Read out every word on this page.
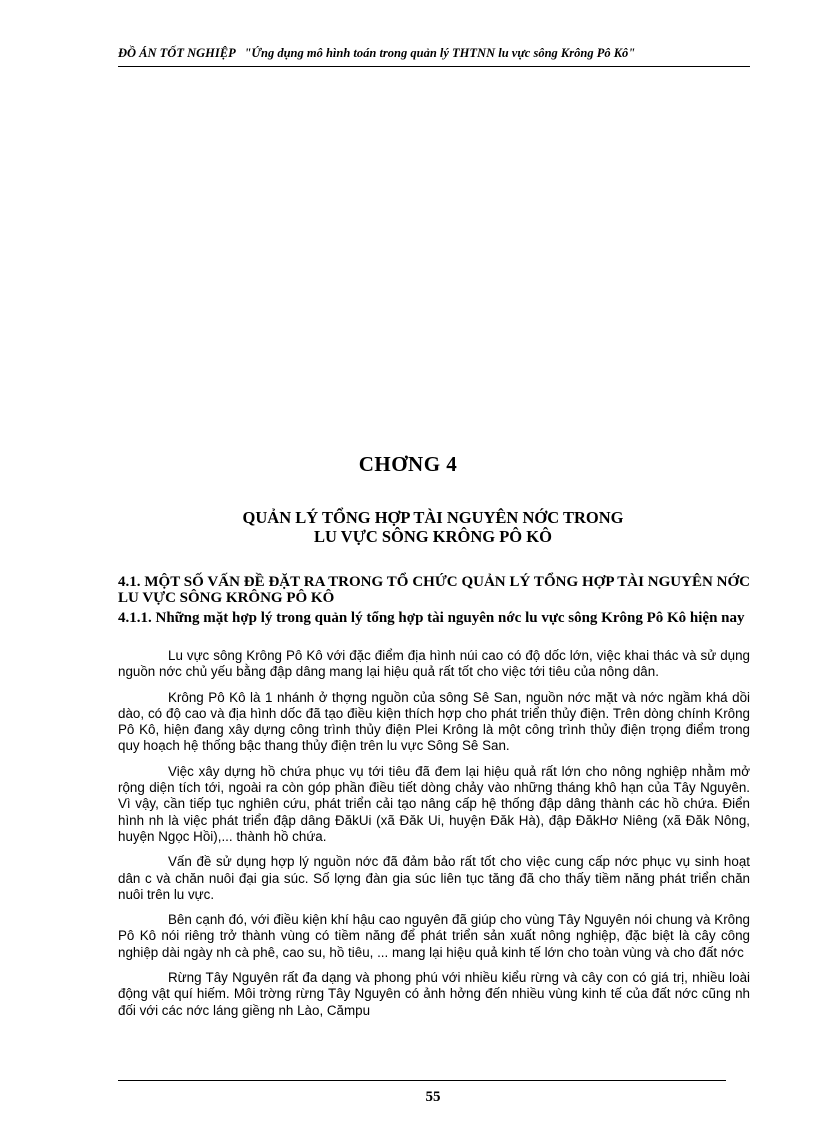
ĐỒ ÁN TỐT NGHIỆP "Ứng dụng mô hình toán trong quản lý THTNN lu vực sông Krông Pô Kô"
CHƠNG 4
QUẢN LÝ TỔNG HỢP TÀI NGUYÊN NỚC TRONG
LU VỰC SÔNG KRÔNG PÔ KÔ
4.1. MỘT SỐ VẤN ĐỀ ĐẶT RA TRONG TỔ CHỨC QUẢN LÝ TỔNG HỢP TÀI NGUYÊN NỚC LU VỰC SÔNG KRÔNG PÔ KÔ
4.1.1. Những mặt hợp lý trong quản lý tổng hợp tài nguyên nớc lu vực sông Krông Pô Kô hiện nay

Lu vực sông Krông Pô Kô với đặc điểm địa hình núi cao có độ dốc lớn, việc khai thác và sử dụng nguồn nớc chủ yếu bằng đập dâng mang lại hiệu quả rất tốt cho việc tới tiêu của nông dân.

Krông Pô Kô là 1 nhánh ở thợng nguồn của sông Sê San, nguồn nớc mặt và nớc ngầm khá dồi dào, có độ cao và địa hình dốc đã tạo điều kiện thích hợp cho phát triển thủy điện. Trên dòng chính Krông Pô Kô, hiện đang xây dựng công trình thủy điện Plei Krông là một công trình thủy điện trọng điểm trong quy hoạch hệ thống bậc thang thủy điện trên lu vực Sông Sê San.

Việc xây dựng hồ chứa phục vụ tới tiêu đã đem lại hiệu quả rất lớn cho nông nghiệp nhằm mở rộng diện tích tới, ngoài ra còn góp phần điều tiết dòng chảy vào những tháng khô hạn của Tây Nguyên. Vì vậy, cần tiếp tục nghiên cứu, phát triển cải tạo nâng cấp hệ thống đập dâng thành các hồ chứa. Điển hình nh là việc phát triển đập dâng ĐăkUi (xã Đăk Ui, huyện Đăk Hà), đập ĐăkHơ Niêng (xã Đăk Nông, huyện Ngọc Hồi),... thành hồ chứa.

Vấn đề sử dụng hợp lý nguồn nớc đã đảm bảo rất tốt cho việc cung cấp nớc phục vụ sinh hoạt dân c và chăn nuôi đại gia súc. Số lợng đàn gia súc liên tục tăng đã cho thấy tiềm năng phát triển chăn nuôi trên lu vực.

Bên cạnh đó, với điều kiện khí hậu cao nguyên đã giúp cho vùng Tây Nguyên nói chung và Krông Pô Kô nói riêng trở thành vùng có tiềm năng để phát triển sản xuất nông nghiệp, đặc biệt là cây công nghiệp dài ngày nh cà phê, cao su, hồ tiêu, ... mang lại hiệu quả kinh tế lớn cho toàn vùng và cho đất nớc

Rừng Tây Nguyên rất đa dạng và phong phú với nhiều kiểu rừng và cây con có giá trị, nhiều loài động vật quí hiếm. Môi trờng rừng Tây Nguyên có ảnh hởng đến nhiều vùng kinh tế của đất nớc cũng nh đối với các nớc láng giềng nh Lào, Cămpu

55
